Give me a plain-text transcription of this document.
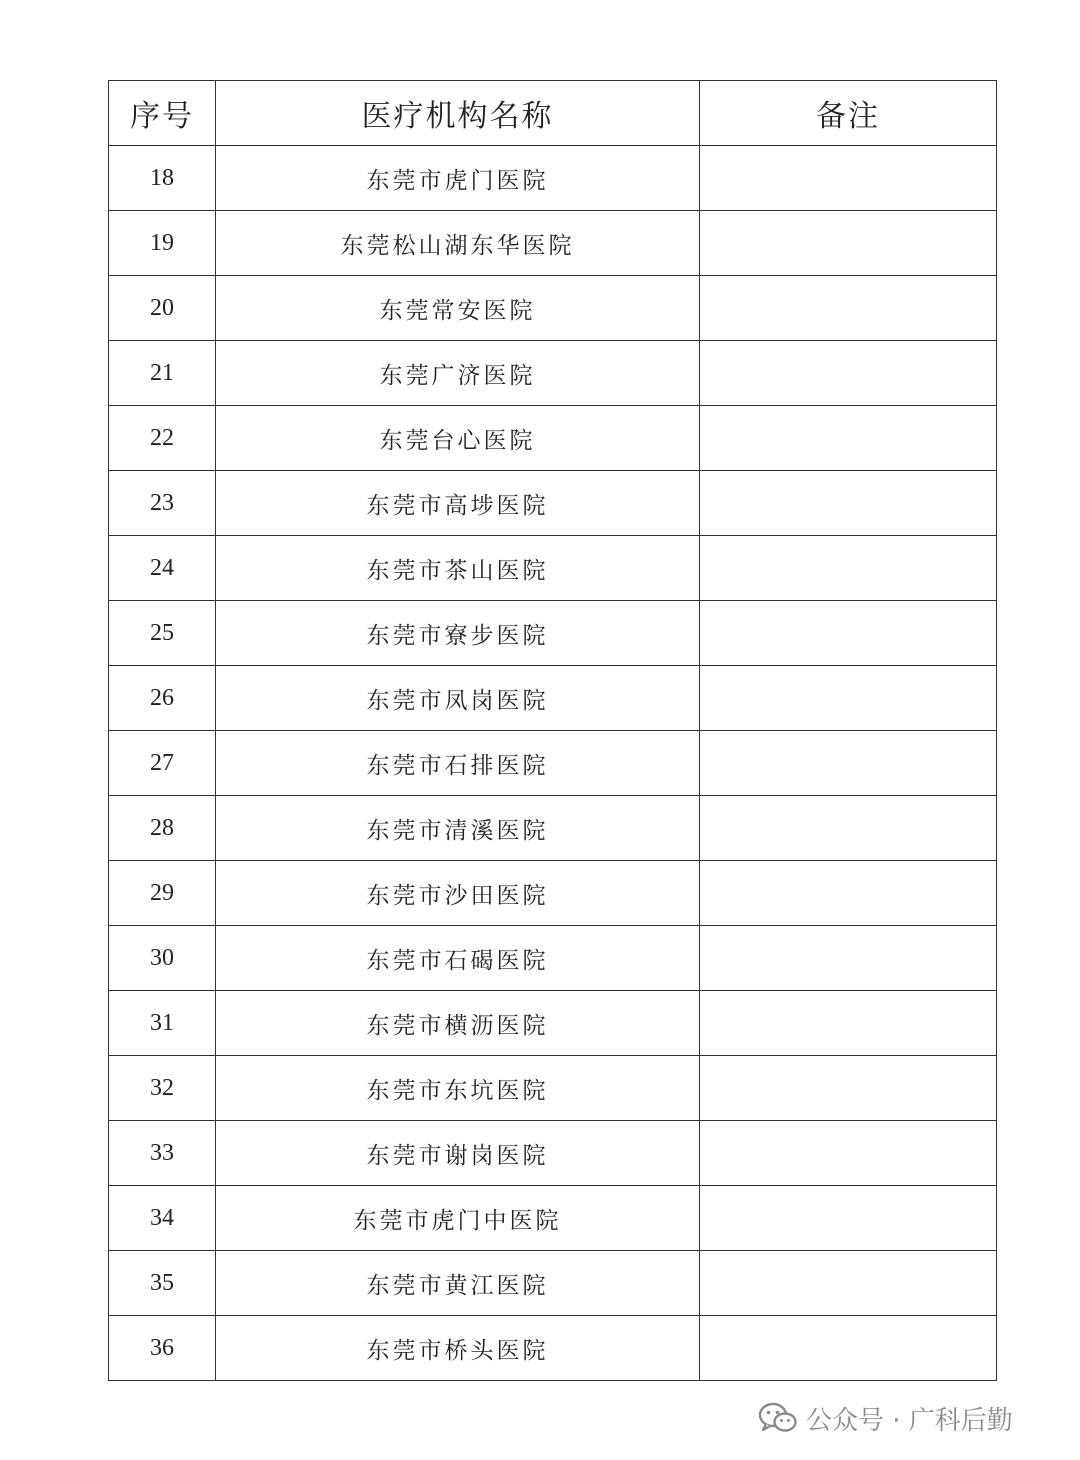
序号	医疗机构名称	备注
18	东莞市虎门医院	
19	东莞松山湖东华医院	
20	东莞常安医院	
21	东莞广济医院	
22	东莞台心医院	
23	东莞市高埗医院	
24	东莞市茶山医院	
25	东莞市寮步医院	
26	东莞市凤岗医院	
27	东莞市石排医院	
28	东莞市清溪医院	
29	东莞市沙田医院	
30	东莞市石碣医院	
31	东莞市横沥医院	
32	东莞市东坑医院	
33	东莞市谢岗医院	
34	东莞市虎门中医院	
35	东莞市黄江医院	
36	东莞市桥头医院	
公众号 · 广科后勤
